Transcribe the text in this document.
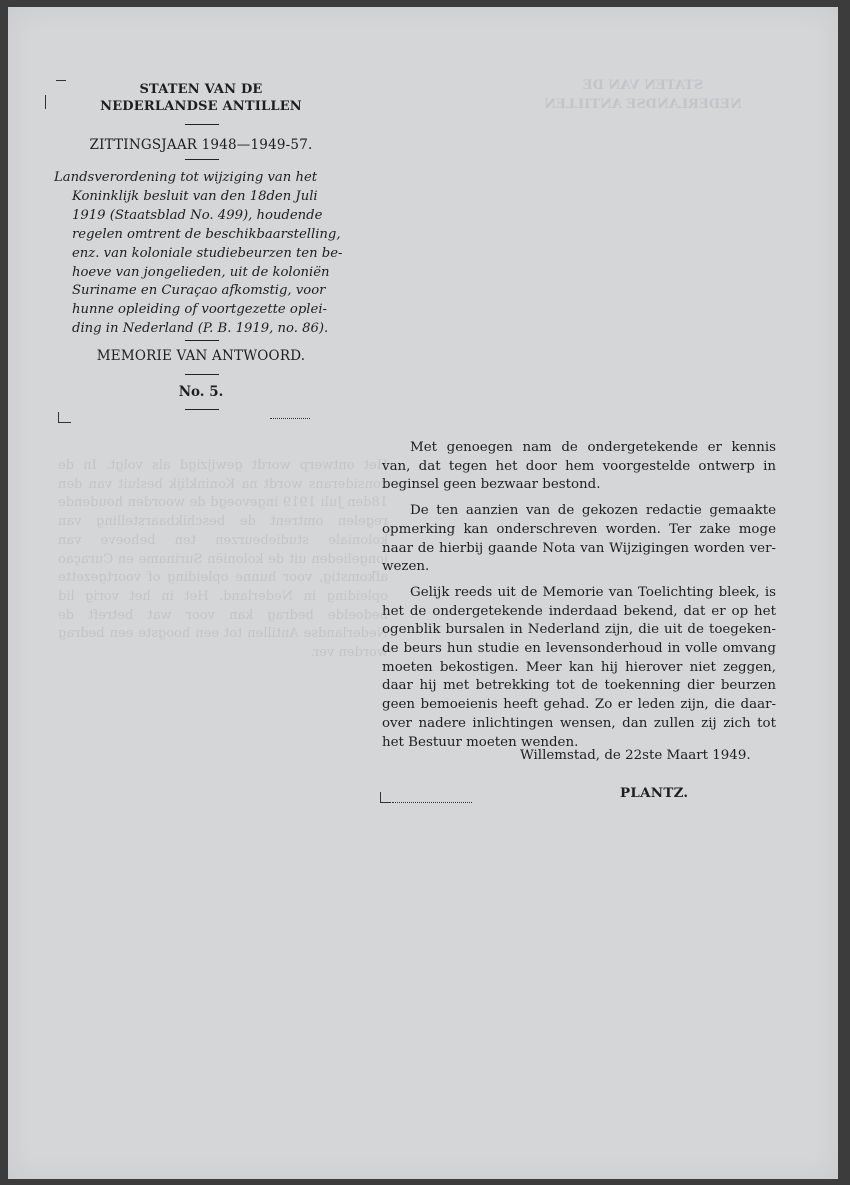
STATEN VAN DE
NEDERLANDSE ANTILLEN
Het ontwerp wordt gewijzigd als volgt. In de considerans wordt na Koninklijk besluit van den 18den Juli 1919 ingevoegd de woorden houdende regelen omtrent de beschikbaarstelling van koloniale studiebeurzen ten behoeve van jongelieden uit de koloniën Suriname en Curaçao afkomstig, voor hunne opleiding of voortgezette opleiding in Nederland. Het in het vorig lid bedoelde bedrag kan voor wat betreft de Nederlandse Antillen tot een hoogste een bedrag worden ver.
STATEN VAN DE
NEDERLANDSE ANTILLEN
ZITTINGSJAAR 1948—1949-57.
Landsverordening tot wijziging van het
Koninklijk besluit van den 18den Juli
1919 (Staatsblad No. 499), houdende
regelen omtrent de beschikbaarstelling,
enz. van koloniale studiebeurzen ten be-
hoeve van jongelieden, uit de koloniën
Suriname en Curaçao afkomstig, voor
hunne opleiding of voortgezette oplei-
ding in Nederland (P. B. 1919, no. 86).
MEMORIE VAN ANTWOORD.
No. 5.

Met genoegen nam de ondergetekende er kennis van, dat tegen het door hem voorgestelde ontwerp in beginsel geen bezwaar bestond.

De ten aanzien van de gekozen redactie gemaakte opmerking kan onderschreven worden. Ter zake moge naar de hierbij gaande Nota van Wijzigingen worden verwezen.

Gelijk reeds uit de Memorie van Toelichting bleek, is het de ondergetekende inderdaad bekend, dat er op het ogenblik bursalen in Nederland zijn, die uit de toegekende beurs hun studie en levensonderhoud in volle omvang moeten bekostigen. Meer kan hij hierover niet zeggen, daar hij met betrekking tot de toekenning dier beurzen geen bemoeienis heeft gehad. Zo er leden zijn, die daarover nadere inlichtingen wensen, dan zullen zij zich tot het Bestuur moeten wenden.

Willemstad, de 22ste Maart 1949.
PLANTZ.
